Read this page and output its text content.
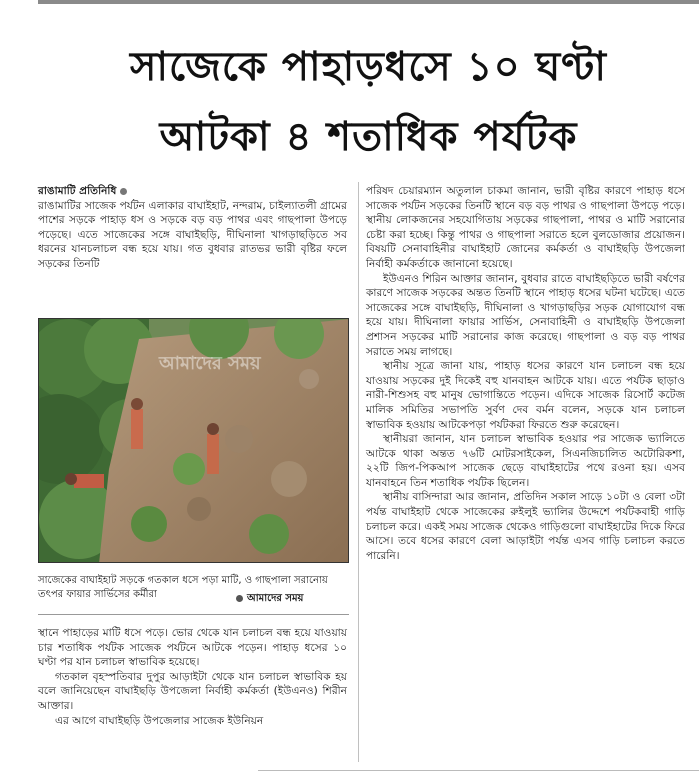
সাজেকে পাহাড়ধসে ১০ ঘণ্টা
আটকা ৪ শতাধিক পর্যটক

রাঙামাটি প্রতিনিধি

রাঙামাটির সাজেক পর্যটন এলাকার বাঘাইহাট, নন্দরাম, চাইল্যাতলী গ্রামের পাশের সড়কে পাহাড় ধস ও সড়কে বড় বড় পাথর এবং গাছপালা উপড়ে পড়েছে। এতে সাজেকের সঙ্গে বাঘাইছড়ি, দীঘিনালা খাগড়াছড়িতে সব ধরনের যানচলাচল বন্ধ হয়ে যায়। গত বুধবার রাতভর ভারী বৃষ্টির ফলে সড়কের তিনটি

আমাদের সময়
সাজেকের বাঘাইহাট সড়কে গতকাল ধসে পড়া মাটি, ও গাছপালা সরানোয় তৎপর ফায়ার সার্ভিসের কর্মীরা	আমাদের সময়

স্থানে পাহাড়ের মাটি ধসে পড়ে। ভোর থেকে যান চলাচল বন্ধ হয়ে যাওয়ায় চার শতাধিক পর্যটক সাজেক পর্যটনে আটকে পড়েন। পাহাড় ধসের ১০ ঘণ্টা পর যান চলাচল স্বাভাবিক হয়েছে।

গতকাল বৃহস্পতিবার দুপুর আড়াইটা থেকে যান চলাচল স্বাভাবিক হয় বলে জানিয়েছেন বাঘাইছড়ি উপজেলা নির্বাহী কর্মকর্তা (ইউএনও) শিরীন আক্তার।

এর আগে বাঘাইছড়ি উপজেলার সাজেক ইউনিয়ন

পরিষদ চেয়ারম্যান অতুলাল চাকমা জানান, ভারী বৃষ্টির কারণে পাহাড় ধসে সাজেক পর্যটন সড়কের তিনটি স্থানে বড় বড় পাথর ও গাছপালা উপড়ে পড়ে। স্থানীয় লোকজনের সহযোগিতায় সড়কের গাছপালা, পাথর ও মাটি সরানোর চেষ্টা করা হচ্ছে। কিন্তু পাথর ও গাছপালা সরাতে হলে বুলডোজার প্রয়োজন। বিষয়টি সেনাবাহিনীর বাঘাইহাট জোনের কর্মকর্তা ও বাঘাইছড়ি উপজেলা নির্বাহী কর্মকর্তাকে জানানো হয়েছে।

ইউএনও শিরিন আক্তার জানান, বুধবার রাতে বাঘাইছড়িতে ভারী বর্ষণের কারণে সাজেক সড়কের অন্তত তিনটি স্থানে পাহাড় ধসের ঘটনা ঘটেছে। এতে সাজেকের সঙ্গে বাঘাইছড়ি, দীঘিনালা ও খাগড়াছড়ির সড়ক যোগাযোগ বন্ধ হয়ে যায়। দীঘিনালা ফায়ার সার্ভিস, সেনাবাহিনী ও বাঘাইছড়ি উপজেলা প্রশাসন সড়কের মাটি সরানোর কাজ করেছে। গাছপালা ও বড় বড় পাথর সরাতে সময় লাগছে।

স্থানীয় সূত্রে জানা যায়, পাহাড় ধসের কারণে যান চলাচল বন্ধ হয়ে যাওয়ায় সড়কের দুই দিকেই বহু যানবাহন আটকে যায়। এতে পর্যটক ছাড়াও নারী-শিশুসহ বহু মানুষ ভোগান্তিতে পড়েন। এদিকে সাজেক রিসোর্ট কটেজ মালিক সমিতির সভাপতি সুর্বণ দেব বর্মন বলেন, সড়কে যান চলাচল স্বাভাবিক হওয়ায় আটকেপড়া পর্যটকরা ফিরতে শুরু করেছেন।

স্থানীয়রা জানান, যান চলাচল স্বাভাবিক হওয়ার পর সাজেক ভ্যালিতে আটকে থাকা অন্তত ৭৬টি মোটরসাইকেল, সিএনজিচালিত অটোরিকশা, ২২টি জিপ-পিকআপ সাজেক ছেড়ে বাঘাইহাটের পথে রওনা হয়। এসব যানবাহনে তিন শতাধিক পর্যটক ছিলেন।

স্থানীয় বাসিন্দারা আর জানান, প্রতিদিন সকাল সাড়ে ১০টা ও বেলা ৩টা পর্যন্ত বাঘাইহাট থেকে সাজেকের রুইলুই ভ্যালির উদ্দেশে পর্যটকবাহী গাড়ি চলাচল করে। একই সময় সাজেক থেকেও গাড়িগুলো বাঘাইহাটের দিকে ফিরে আসে। তবে ধসের কারণে বেলা আড়াইটা পর্যন্ত এসব গাড়ি চলাচল করতে পারেনি।
